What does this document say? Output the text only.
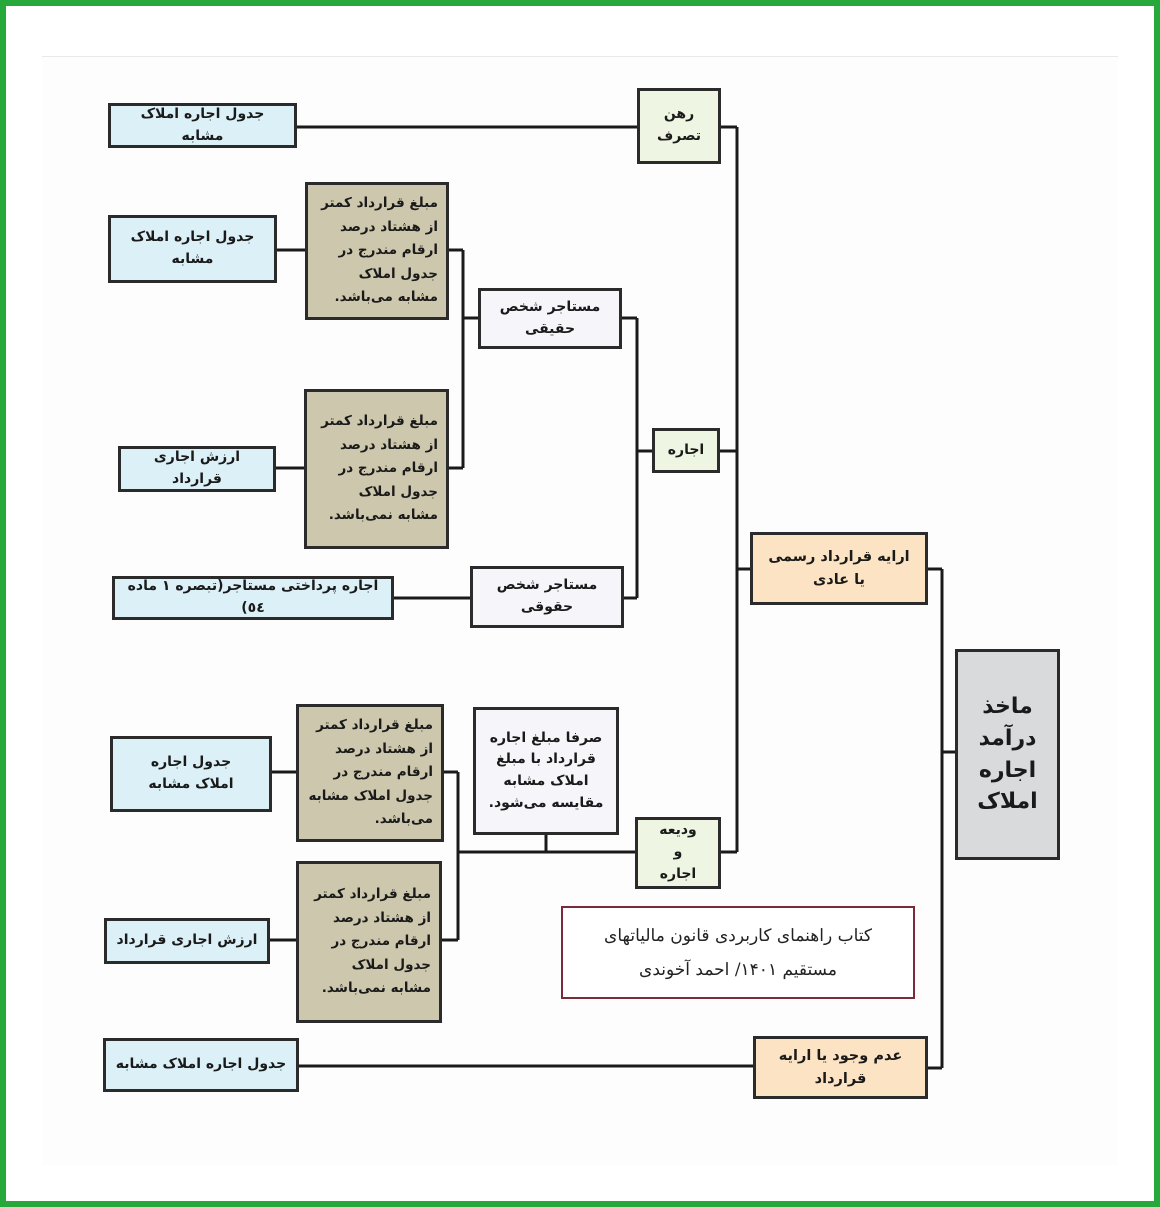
ماخذ درآمد اجاره املاک
ارایه قرارداد رسمی یا عادی
عدم وجود یا ارایه قرارداد
رهن تصرف
اجاره
ودیعه و اجاره
مستاجر شخص حقیقی
مستاجر شخص حقوقی
مبلغ قرارداد کمتر از هشتاد درصد ارقام مندرج در جدول املاک مشابه می‌باشد.
مبلغ قرارداد کمتر از هشتاد درصد ارقام مندرج در جدول املاک مشابه نمی‌باشد.
صرفا مبلغ اجاره قرارداد با مبلغ املاک مشابه مقایسه می‌شود.
مبلغ قرارداد کمتر از هشتاد درصد ارقام مندرج در جدول املاک مشابه می‌باشد.
مبلغ قرارداد کمتر از هشتاد درصد ارقام مندرج در جدول املاک مشابه نمی‌باشد.
جدول اجاره املاک مشابه
جدول اجاره املاک مشابه
ارزش اجاری قرارداد
اجاره پرداختی مستاجر(تبصره ۱ ماده ٥٤)
جدول اجاره املاک مشابه
ارزش اجاری قرارداد
جدول اجاره املاک مشابه
کتاب راهنمای کاربردی قانون مالیاتهای مستقیم ۱۴۰۱/ احمد آخوندی
